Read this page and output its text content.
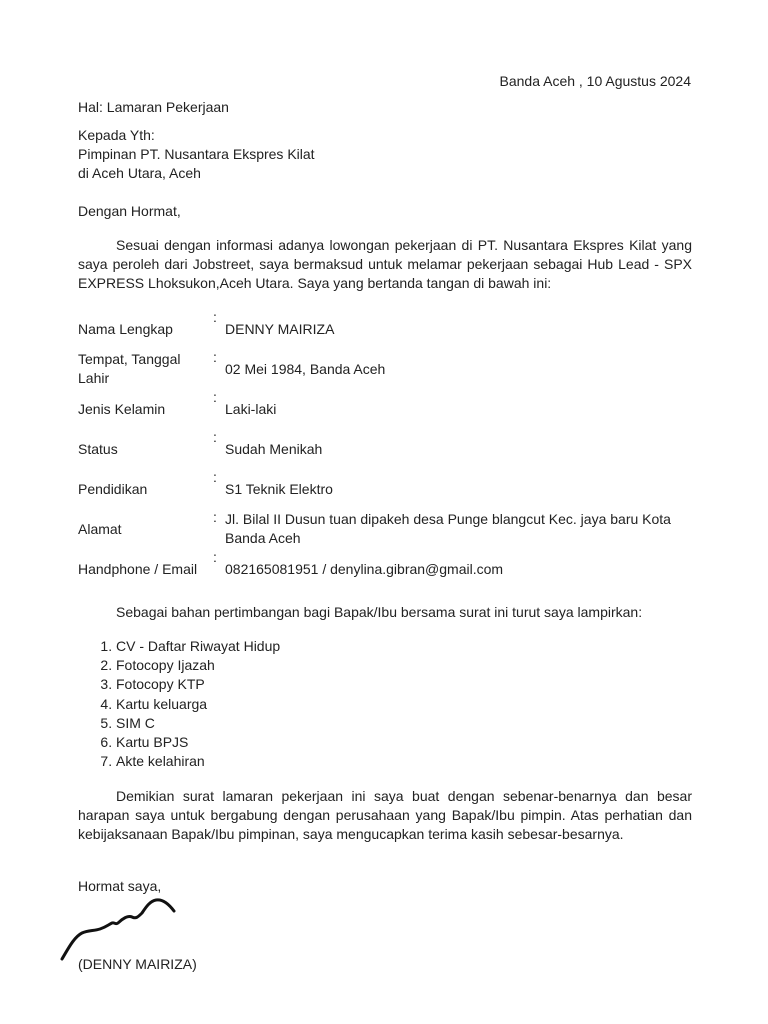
Banda Aceh , 10 Agustus 2024
Hal: Lamaran Pekerjaan
Kepada Yth:
Pimpinan PT. Nusantara Ekspres Kilat
di Aceh Utara, Aceh
Dengan Hormat,
Sesuai dengan informasi adanya lowongan pekerjaan di PT. Nusantara Ekspres Kilat yang saya peroleh dari Jobstreet, saya bermaksud untuk melamar pekerjaan sebagai Hub Lead - SPX EXPRESS Lhoksukon,Aceh Utara. Saya yang bertanda tangan di bawah ini:
Nama Lengkap	:	DENNY MAIRIZA
Tempat, Tanggal Lahir	:	02 Mei 1984, Banda Aceh
Jenis Kelamin	:	Laki-laki
Status	:	Sudah Menikah
Pendidikan	:	S1 Teknik Elektro
Alamat	:	Jl. Bilal II Dusun tuan dipakeh desa Punge blangcut Kec. jaya baru Kota Banda Aceh
Handphone / Email	:	082165081951 / denylina.gibran@gmail.com
Sebagai bahan pertimbangan bagi Bapak/Ibu bersama surat ini turut saya lampirkan:
1. CV - Daftar Riwayat Hidup
2. Fotocopy Ijazah
3. Fotocopy KTP
4. Kartu keluarga
5. SIM C
6. Kartu BPJS
7. Akte kelahiran
Demikian surat lamaran pekerjaan ini saya buat dengan sebenar-benarnya dan besar harapan saya untuk bergabung dengan perusahaan yang Bapak/Ibu pimpin. Atas perhatian dan kebijaksanaan Bapak/Ibu pimpinan, saya mengucapkan terima kasih sebesar-besarnya.
Hormat saya,
(DENNY MAIRIZA)
